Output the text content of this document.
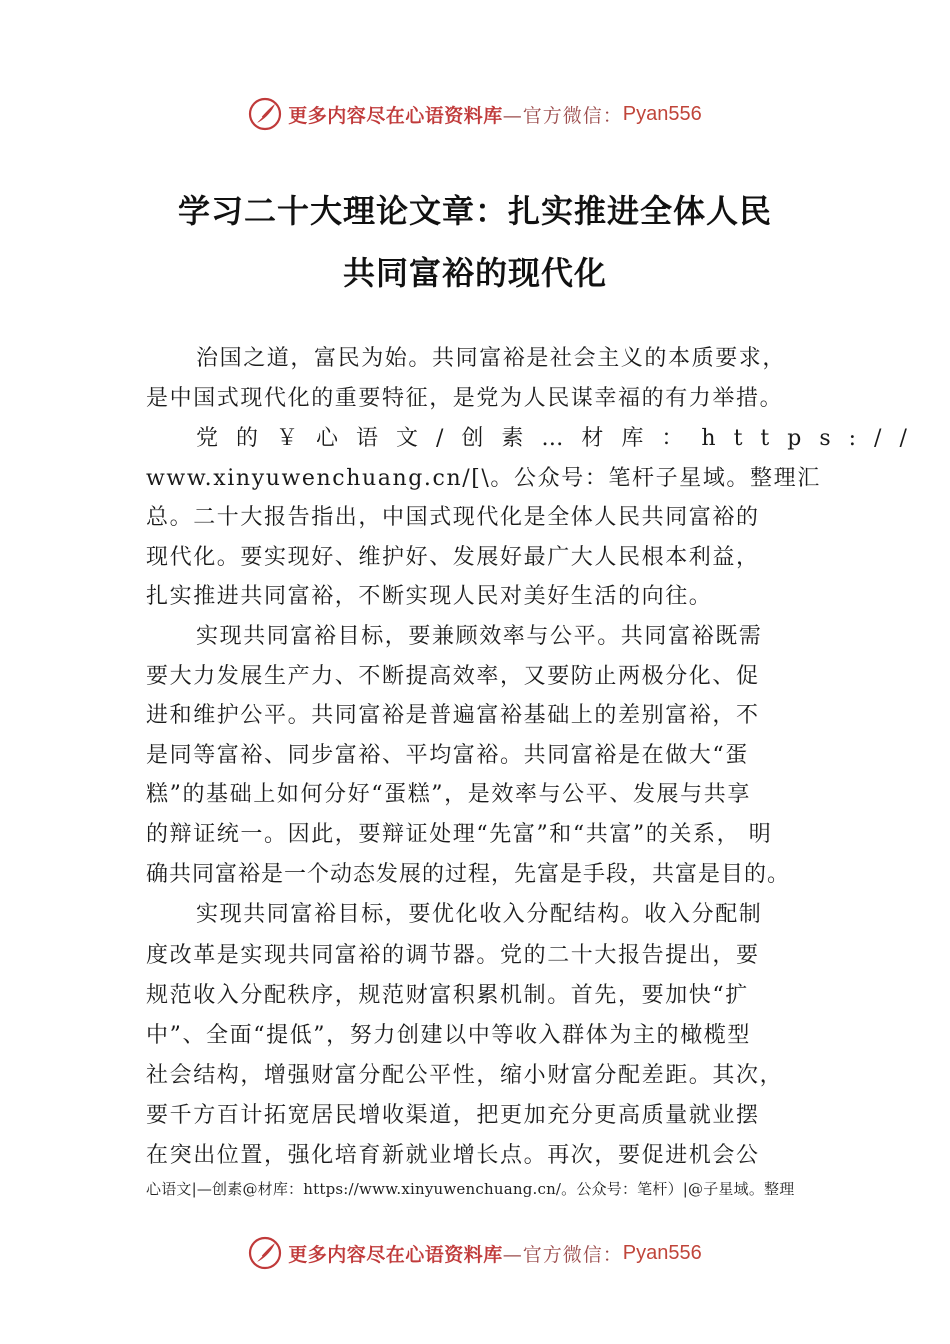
更多内容尽在心语资料库 —官方微信： Pyan556
学习二十大理论文章：扎实推进全体人民
共同富裕的现代化
治国之道，富民为始。共同富裕是社会主义的本质要求，
是中国式现代化的重要特征，是党为人民谋幸福的有力举措。
党的￥心语文/创素…材库：https://
www.xinyuwenchuang.cn/[\。公众号：笔杆子星域。整理汇
总。二十大报告指出，中国式现代化是全体人民共同富裕的
现代化。要实现好、维护好、发展好最广大人民根本利益，
扎实推进共同富裕，不断实现人民对美好生活的向往。
实现共同富裕目标，要兼顾效率与公平。共同富裕既需
要大力发展生产力、不断提高效率，又要防止两极分化、促
进和维护公平。共同富裕是普遍富裕基础上的差别富裕，不
是同等富裕、同步富裕、平均富裕。共同富裕是在做大“蛋
糕”的基础上如何分好“蛋糕”，是效率与公平、发展与共享
的辩证统一。因此，要辩证处理“先富”和“共富”的关系， 明
确共同富裕是一个动态发展的过程，先富是手段，共富是目的。
实现共同富裕目标，要优化收入分配结构。收入分配制
度改革是实现共同富裕的调节器。党的二十大报告提出，要
规范收入分配秩序，规范财富积累机制。首先，要加快“扩
中”、全面“提低”，努力创建以中等收入群体为主的橄榄型
社会结构，增强财富分配公平性，缩小财富分配差距。其次，
要千方百计拓宽居民增收渠道，把更加充分更高质量就业摆
在突出位置，强化培育新就业增长点。再次，要促进机会公
心语文|—创素@材库：https://www.xinyuwenchuang.cn/。公众号：笔杆）|@子星域。整理
更多内容尽在心语资料库 —官方微信： Pyan556
